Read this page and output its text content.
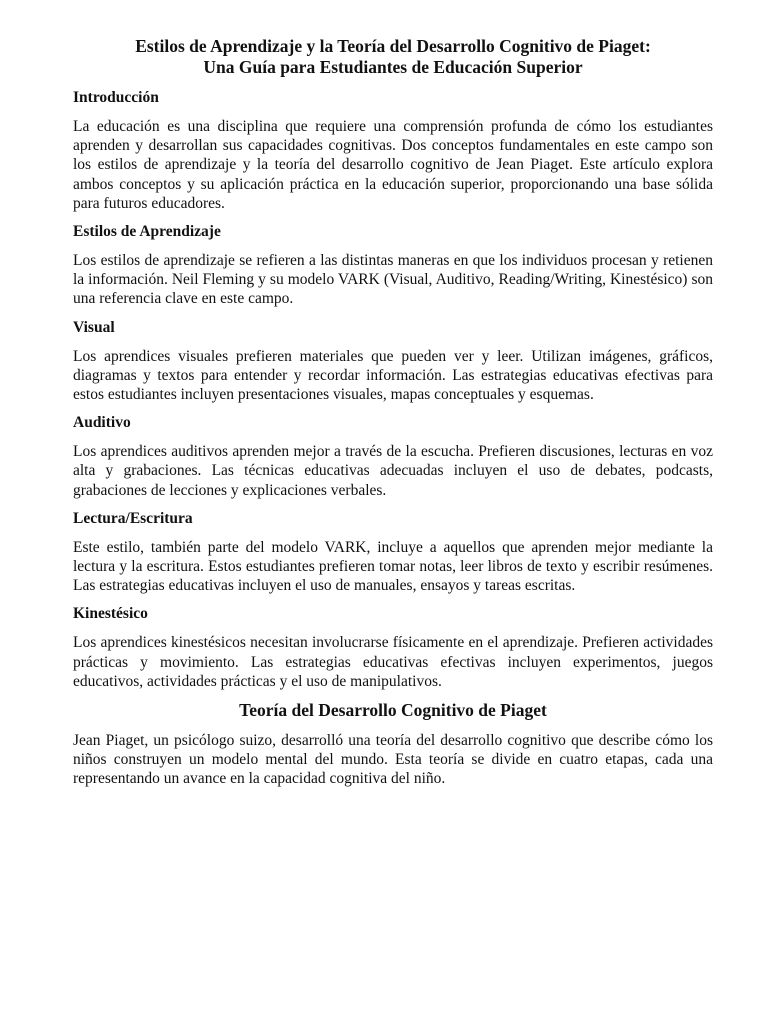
Estilos de Aprendizaje y la Teoría del Desarrollo Cognitivo de Piaget:
Una Guía para Estudiantes de Educación Superior
Introducción
La educación es una disciplina que requiere una comprensión profunda de cómo los estudiantes aprenden y desarrollan sus capacidades cognitivas. Dos conceptos fundamentales en este campo son los estilos de aprendizaje y la teoría del desarrollo cognitivo de Jean Piaget. Este artículo explora ambos conceptos y su aplicación práctica en la educación superior, proporcionando una base sólida para futuros educadores.
Estilos de Aprendizaje
Los estilos de aprendizaje se refieren a las distintas maneras en que los individuos procesan y retienen la información. Neil Fleming y su modelo VARK (Visual, Auditivo, Reading/Writing, Kinestésico) son una referencia clave en este campo.
Visual
Los aprendices visuales prefieren materiales que pueden ver y leer. Utilizan imágenes, gráficos, diagramas y textos para entender y recordar información. Las estrategias educativas efectivas para estos estudiantes incluyen presentaciones visuales, mapas conceptuales y esquemas.
Auditivo
Los aprendices auditivos aprenden mejor a través de la escucha. Prefieren discusiones, lecturas en voz alta y grabaciones. Las técnicas educativas adecuadas incluyen el uso de debates, podcasts, grabaciones de lecciones y explicaciones verbales.
Lectura/Escritura
Este estilo, también parte del modelo VARK, incluye a aquellos que aprenden mejor mediante la lectura y la escritura. Estos estudiantes prefieren tomar notas, leer libros de texto y escribir resúmenes. Las estrategias educativas incluyen el uso de manuales, ensayos y tareas escritas.
Kinestésico
Los aprendices kinestésicos necesitan involucrarse físicamente en el aprendizaje. Prefieren actividades prácticas y movimiento. Las estrategias educativas efectivas incluyen experimentos, juegos educativos, actividades prácticas y el uso de manipulativos.
Teoría del Desarrollo Cognitivo de Piaget
Jean Piaget, un psicólogo suizo, desarrolló una teoría del desarrollo cognitivo que describe cómo los niños construyen un modelo mental del mundo. Esta teoría se divide en cuatro etapas, cada una representando un avance en la capacidad cognitiva del niño.
